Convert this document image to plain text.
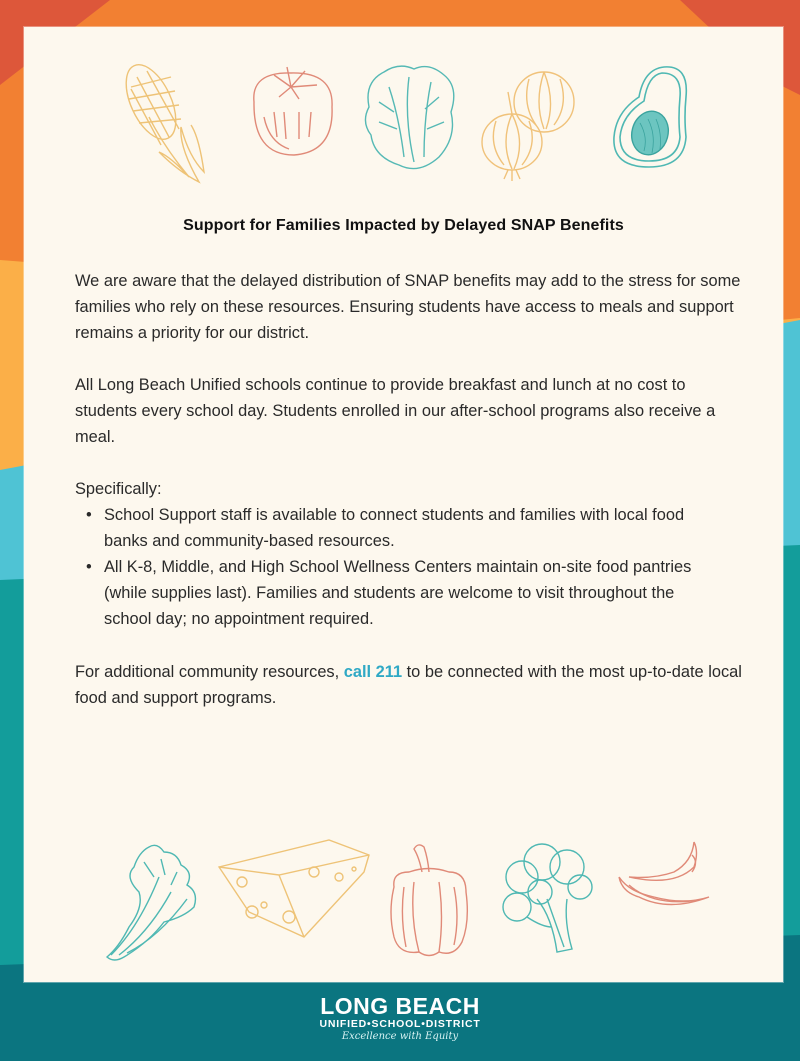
Support for Families Impacted by Delayed SNAP Benefits
We are aware that the delayed distribution of SNAP benefits may add to the stress for some families who rely on these resources. Ensuring students have access to meals and support remains a priority for our district.
All Long Beach Unified schools continue to provide breakfast and lunch at no cost to students every school day. Students enrolled in our after-school programs also receive a meal.
Specifically:
• School Support staff is available to connect students and families with local food banks and community-based resources.
• All K-8, Middle, and High School Wellness Centers maintain on-site food pantries (while supplies last). Families and students are welcome to visit throughout the school day; no appointment required.
For additional community resources, call 211 to be connected with the most up-to-date local food and support programs.
LONG BEACH
UNIFIED•SCHOOL•DISTRICT
Excellence with Equity
